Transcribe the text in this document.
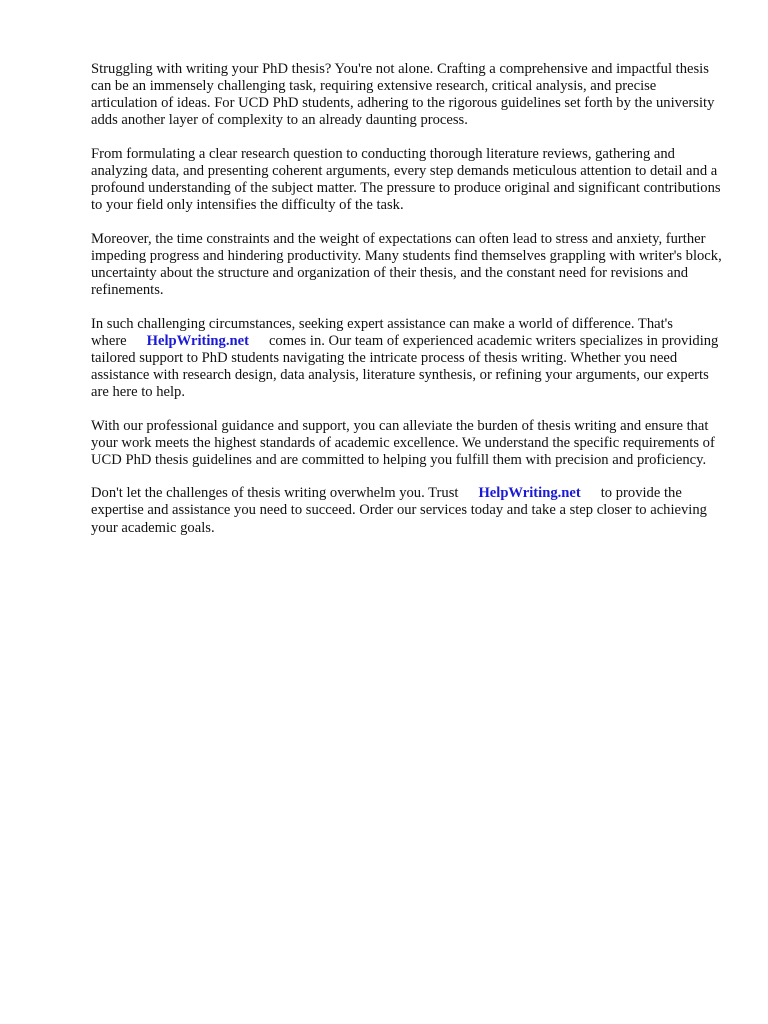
Struggling with writing your PhD thesis? You're not alone. Crafting a comprehensive and impactful thesis can be an immensely challenging task, requiring extensive research, critical analysis, and precise articulation of ideas. For UCD PhD students, adhering to the rigorous guidelines set forth by the university adds another layer of complexity to an already daunting process.

From formulating a clear research question to conducting thorough literature reviews, gathering and analyzing data, and presenting coherent arguments, every step demands meticulous attention to detail and a profound understanding of the subject matter. The pressure to produce original and significant contributions to your field only intensifies the difficulty of the task.

Moreover, the time constraints and the weight of expectations can often lead to stress and anxiety, further impeding progress and hindering productivity. Many students find themselves grappling with writer's block, uncertainty about the structure and organization of their thesis, and the constant need for revisions and refinements.

In such challenging circumstances, seeking expert assistance can make a world of difference. That's where HelpWriting.net comes in. Our team of experienced academic writers specializes in providing tailored support to PhD students navigating the intricate process of thesis writing. Whether you need assistance with research design, data analysis, literature synthesis, or refining your arguments, our experts are here to help.

With our professional guidance and support, you can alleviate the burden of thesis writing and ensure that your work meets the highest standards of academic excellence. We understand the specific requirements of UCD PhD thesis guidelines and are committed to helping you fulfill them with precision and proficiency.

Don't let the challenges of thesis writing overwhelm you. Trust HelpWriting.net to provide the expertise and assistance you need to succeed. Order our services today and take a step closer to achieving your academic goals.
